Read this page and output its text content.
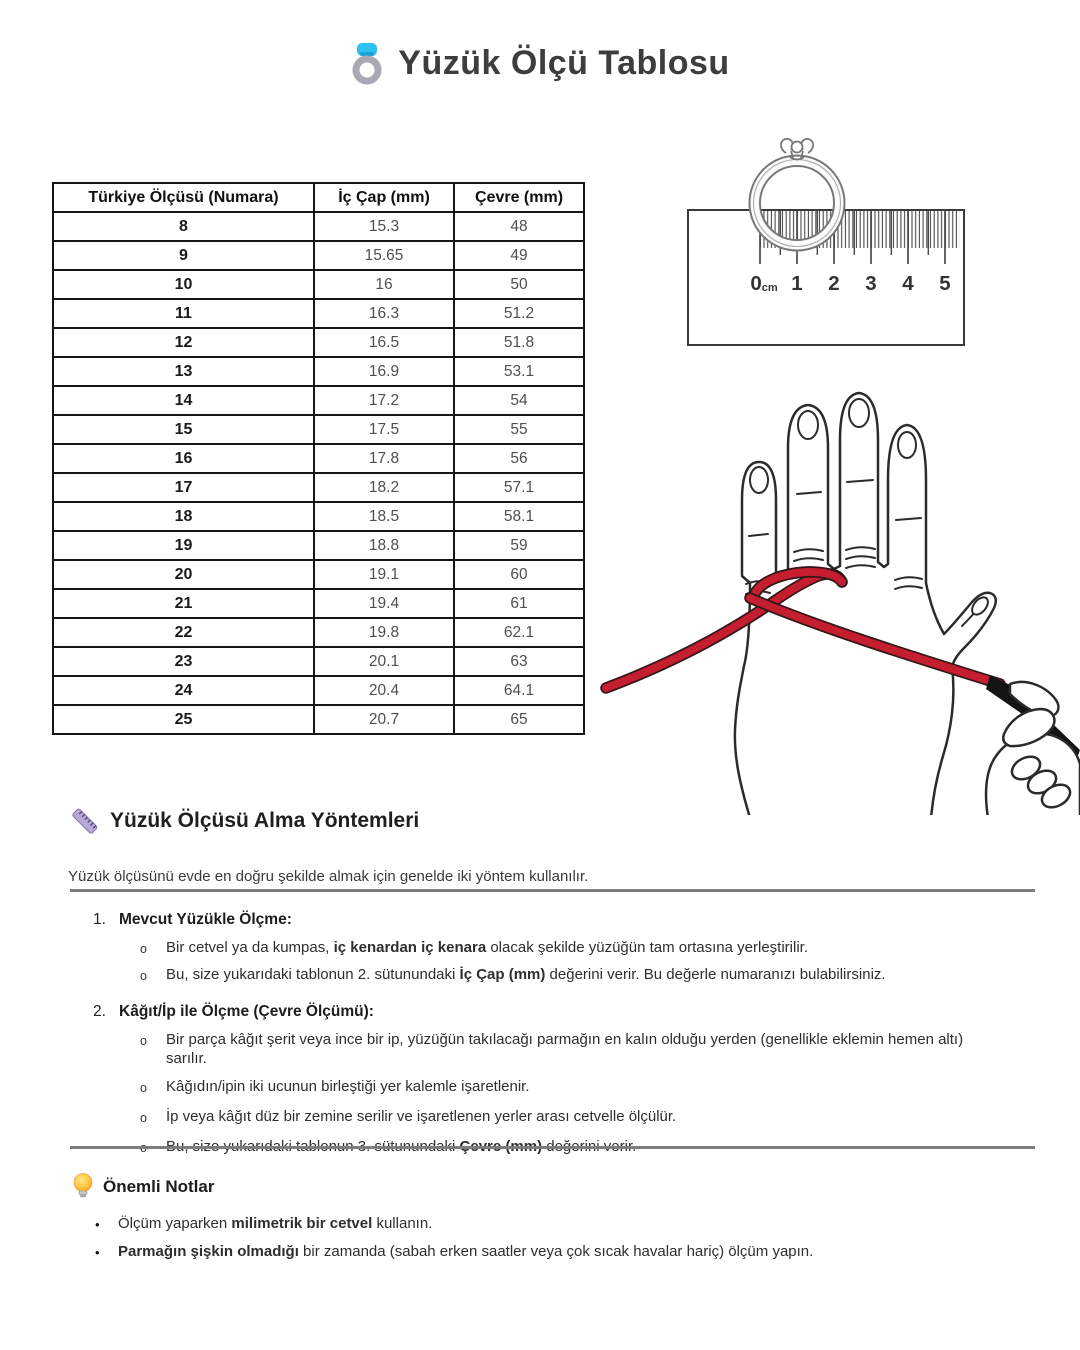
Yüzük Ölçü Tablosu
Türkiye Ölçüsü (Numara)	İç Çap (mm)	Çevre (mm)
8	15.3	48
9	15.65	49
10	16	50
11	16.3	51.2
12	16.5	51.8
13	16.9	53.1
14	17.2	54
15	17.5	55
16	17.8	56
17	18.2	57.1
18	18.5	58.1
19	18.8	59
20	19.1	60
21	19.4	61
22	19.8	62.1
23	20.1	63
24	20.4	64.1
25	20.7	65
0cm 1 2 3 4 5
Yüzük Ölçüsü Alma Yöntemleri

Yüzük ölçüsünü evde en doğru şekilde almak için genelde iki yöntem kullanılır.

1. Mevcut Yüzükle Ölçme:
o	Bir cetvel ya da kumpas, iç kenardan iç kenara olacak şekilde yüzüğün tam ortasına yerleştirilir.
o	Bu, size yukarıdaki tablonun 2. sütunundaki İç Çap (mm) değerini verir. Bu değerle numaranızı bulabilirsiniz.
2. Kâğıt/İp ile Ölçme (Çevre Ölçümü):
o	Bir parça kâğıt şerit veya ince bir ip, yüzüğün takılacağı parmağın en kalın olduğu yerden (genellikle eklemin hemen altı) sarılır.
o	Kâğıdın/ipin iki ucunun birleştiği yer kalemle işaretlenir.
o	İp veya kâğıt düz bir zemine serilir ve işaretlenen yerler arası cetvelle ölçülür.
Önemli Notlar
•	Ölçüm yaparken milimetrik bir cetvel kullanın.
•	Parmağın şişkin olmadığı bir zamanda (sabah erken saatler veya çok sıcak havalar hariç) ölçüm yapın.
